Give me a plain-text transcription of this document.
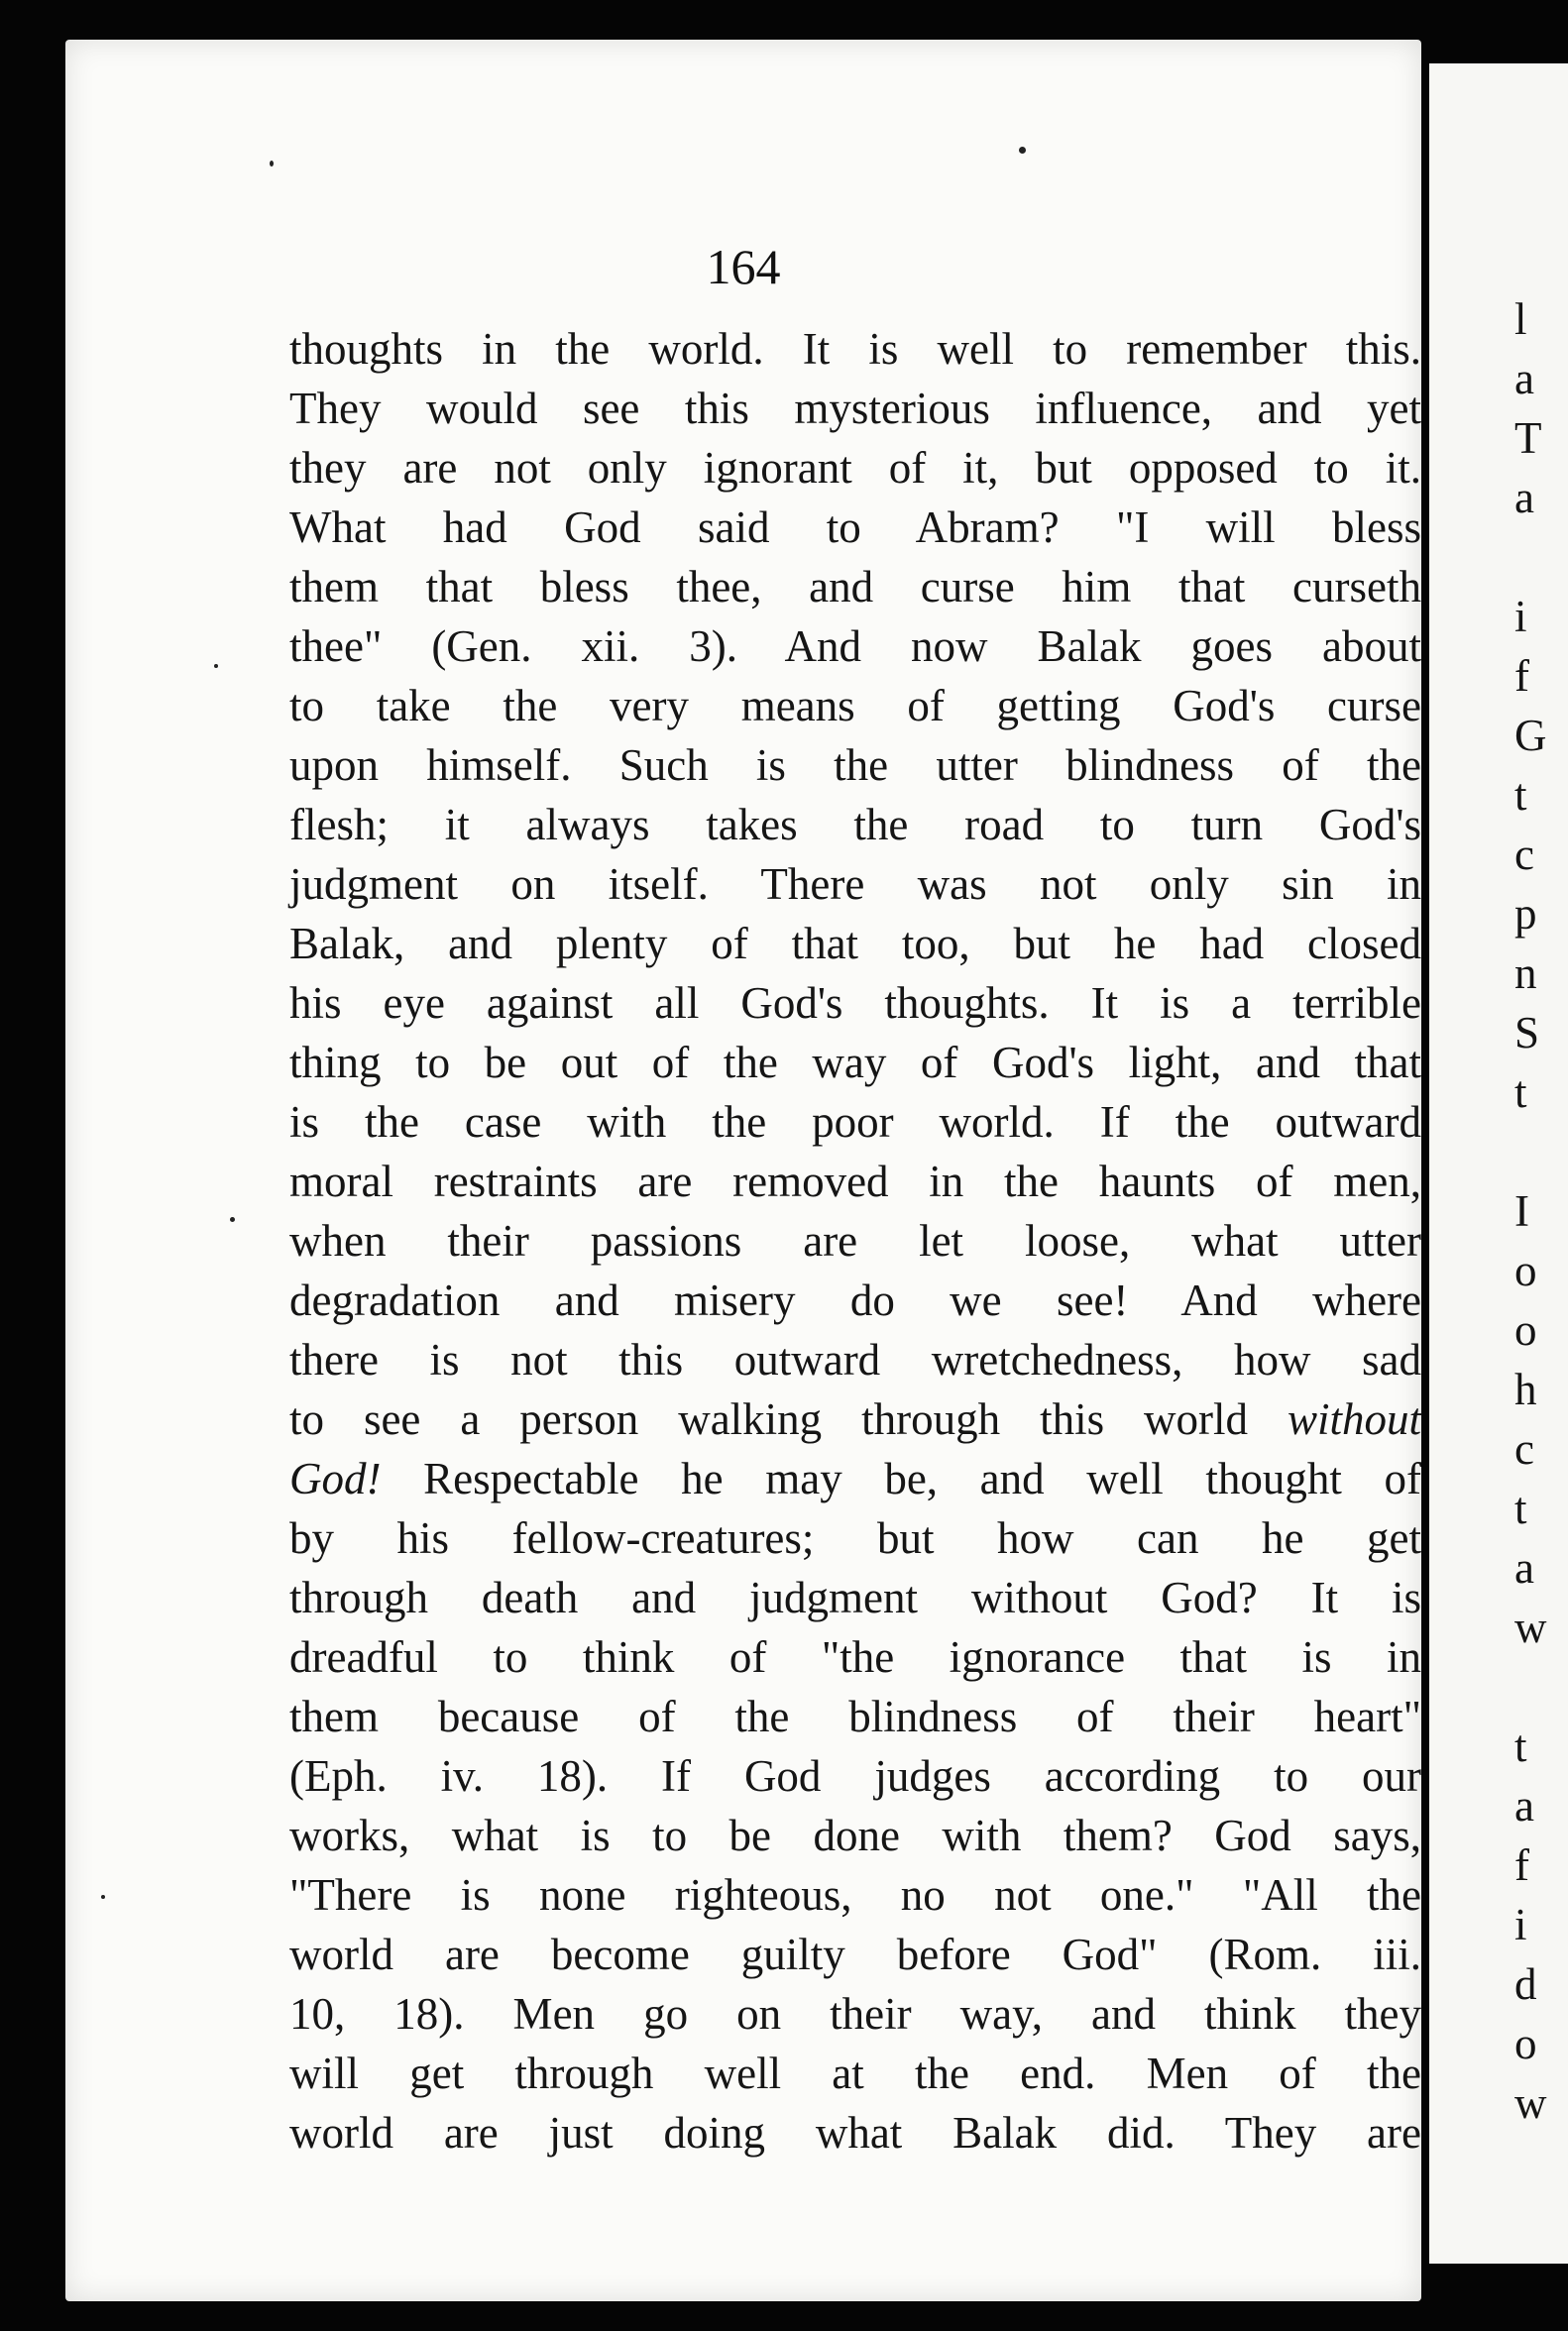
164
thoughts in the world. It is well to remember this.
They would see this mysterious influence, and yet
they are not only ignorant of it, but opposed to it.
What had God said to Abram? "I will bless
them that bless thee, and curse him that curseth
thee" (Gen. xii. 3). And now Balak goes about
to take the very means of getting God's curse
upon himself. Such is the utter blindness of the
flesh; it always takes the road to turn God's
judgment on itself. There was not only sin in
Balak, and plenty of that too, but he had closed
his eye against all God's thoughts. It is a terrible
thing to be out of the way of God's light, and that
is the case with the poor world. If the outward
moral restraints are removed in the haunts of men,
when their passions are let loose, what utter
degradation and misery do we see! And where
there is not this outward wretchedness, how sad
to see a person walking through this world without
God! Respectable he may be, and well thought of
by his fellow-creatures; but how can he get
through death and judgment without God? It is
dreadful to think of "the ignorance that is in
them because of the blindness of their heart"
(Eph. iv. 18). If God judges according to our
works, what is to be done with them? God says,
"There is none righteous, no not one." "All the
world are become guilty before God" (Rom. iii.
10, 18). Men go on their way, and think they
will get through well at the end. Men of the
world are just doing what Balak did. They are
l
a
T
a
i
f
G
t
c
p
n
S
t
I
o
o
h
c
t
a
w
t
a
f
i
d
o
w
